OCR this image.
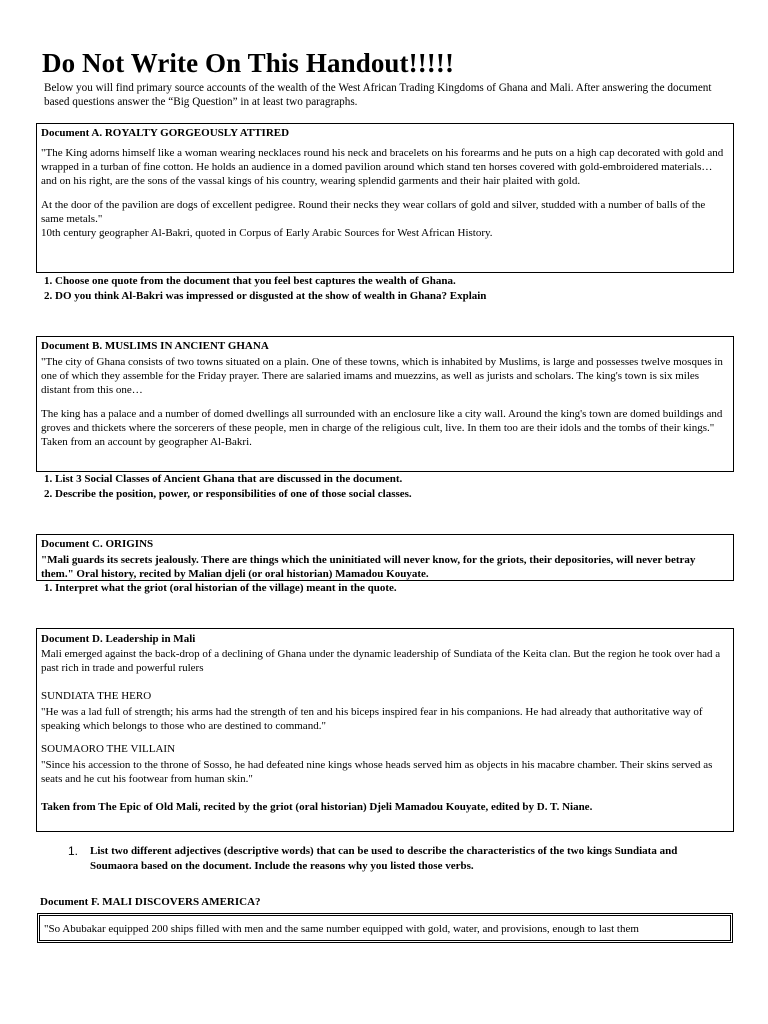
Do Not Write On This Handout!!!!!
Below you will find primary source accounts of the wealth of the West African Trading Kingdoms of Ghana and Mali. After answering the document based questions answer the “Big Question” in at least two paragraphs.
Document A. ROYALTY GORGEOUSLY ATTIRED

"The King adorns himself like a woman wearing necklaces round his neck and bracelets on his forearms and he puts on a high cap decorated with gold and wrapped in a turban of fine cotton. He holds an audience in a domed pavilion around which stand ten horses covered with gold-embroidered materials… and on his right, are the sons of the vassal kings of his country, wearing splendid garments and their hair plaited with gold.

At the door of the pavilion are dogs of excellent pedigree. Round their necks they wear collars of gold and silver, studded with a number of balls of the same metals."

10th century geographer Al-Bakri, quoted in Corpus of Early Arabic Sources for West African History.

1. Choose one quote from the document that you feel best captures the wealth of Ghana.

2. DO you think Al-Bakri was impressed or disgusted at the show of wealth in Ghana? Explain

Document B. MUSLIMS IN ANCIENT GHANA

"The city of Ghana consists of two towns situated on a plain. One of these towns, which is inhabited by Muslims, is large and possesses twelve mosques in one of which they assemble for the Friday prayer. There are salaried imams and muezzins, as well as jurists and scholars. The king's town is six miles distant from this one…

The king has a palace and a number of domed dwellings all surrounded with an enclosure like a city wall. Around the king's town are domed buildings and groves and thickets where the sorcerers of these people, men in charge of the religious cult, live. In them too are their idols and the tombs of their kings."

Taken from an account by geographer Al-Bakri.

1. List 3 Social Classes of Ancient Ghana that are discussed in the document.

2. Describe the position, power, or responsibilities of one of those social classes.

Document C. ORIGINS

"Mali guards its secrets jealously. There are things which the uninitiated will never know, for the griots, their depositories, will never betray them." Oral history, recited by Malian djeli (or oral historian) Mamadou Kouyate.

1. Interpret what the griot (oral historian of the village) meant in the quote.

Document D. Leadership in Mali

Mali emerged against the back-drop of a declining of Ghana under the dynamic leadership of Sundiata of the Keita clan. But the region he took over had a past rich in trade and powerful rulers

SUNDIATA THE HERO

"He was a lad full of strength; his arms had the strength of ten and his biceps inspired fear in his companions. He had already that authoritative way of speaking which belongs to those who are destined to command."

SOUMAORO THE VILLAIN

"Since his accession to the throne of Sosso, he had defeated nine kings whose heads served him as objects in his macabre chamber. Their skins served as seats and he cut his footwear from human skin."

Taken from The Epic of Old Mali, recited by the griot (oral historian) Djeli Mamadou Kouyate, edited by D. T. Niane.

1. List two different adjectives (descriptive words) that can be used to describe the characteristics of the two kings Sundiata and Soumaora based on the document. Include the reasons why you listed those verbs.
Document F. MALI DISCOVERS AMERICA?
"So Abubakar equipped 200 ships filled with men and the same number equipped with gold, water, and provisions, enough to last them
